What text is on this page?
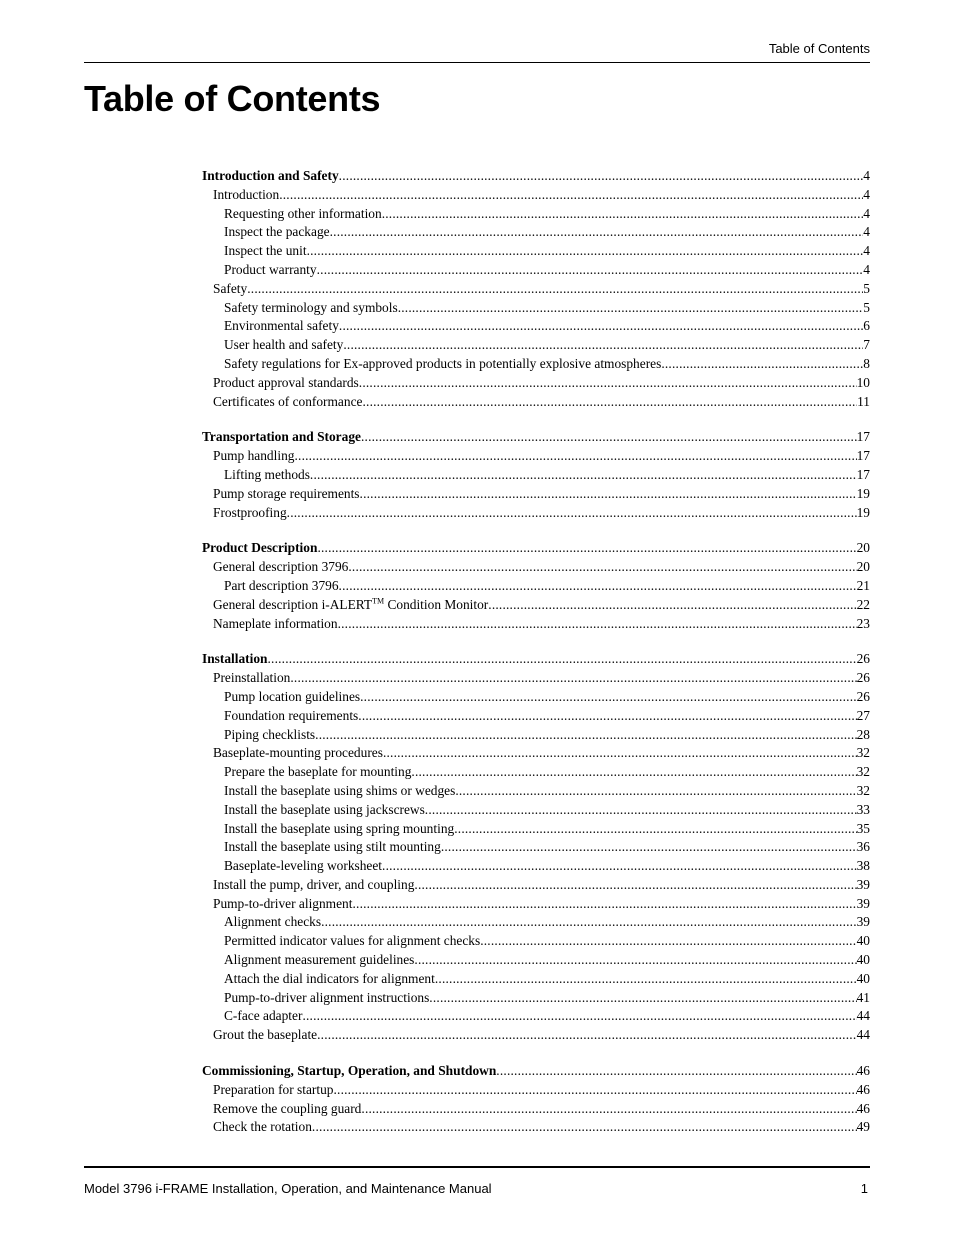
Table of Contents
Table of Contents
Introduction and Safety .....	4
Introduction .....	4
Requesting other information .....	4
Inspect the package .....	4
Inspect the unit .....	4
Product warranty .....	4
Safety .....	5
Safety terminology and symbols .....	5
Environmental safety .....	6
User health and safety .....	7
Safety regulations for Ex-approved products in potentially explosive atmospheres .....	8
Product approval standards .....	10
Certificates of conformance .....	11
Transportation and Storage .....	17
Pump handling .....	17
Lifting methods .....	17
Pump storage requirements .....	19
Frostproofing .....	19
Product Description .....	20
General description 3796 .....	20
Part description 3796 .....	21
General description i-ALERT™ Condition Monitor .....	22
Nameplate information .....	23
Installation .....	26
Preinstallation .....	26
Pump location guidelines .....	26
Foundation requirements .....	27
Piping checklists .....	28
Baseplate-mounting procedures .....	32
Prepare the baseplate for mounting .....	32
Install the baseplate using shims or wedges .....	32
Install the baseplate using jackscrews .....	33
Install the baseplate using spring mounting .....	35
Install the baseplate using stilt mounting .....	36
Baseplate-leveling worksheet .....	38
Install the pump, driver, and coupling .....	39
Pump-to-driver alignment .....	39
Alignment checks .....	39
Permitted indicator values for alignment checks .....	40
Alignment measurement guidelines .....	40
Attach the dial indicators for alignment .....	40
Pump-to-driver alignment instructions .....	41
C-face adapter .....	44
Grout the baseplate .....	44
Commissioning, Startup, Operation, and Shutdown .....	46
Preparation for startup .....	46
Remove the coupling guard .....	46
Check the rotation .....	49
Model 3796 i-FRAME Installation, Operation, and Maintenance Manual	1
